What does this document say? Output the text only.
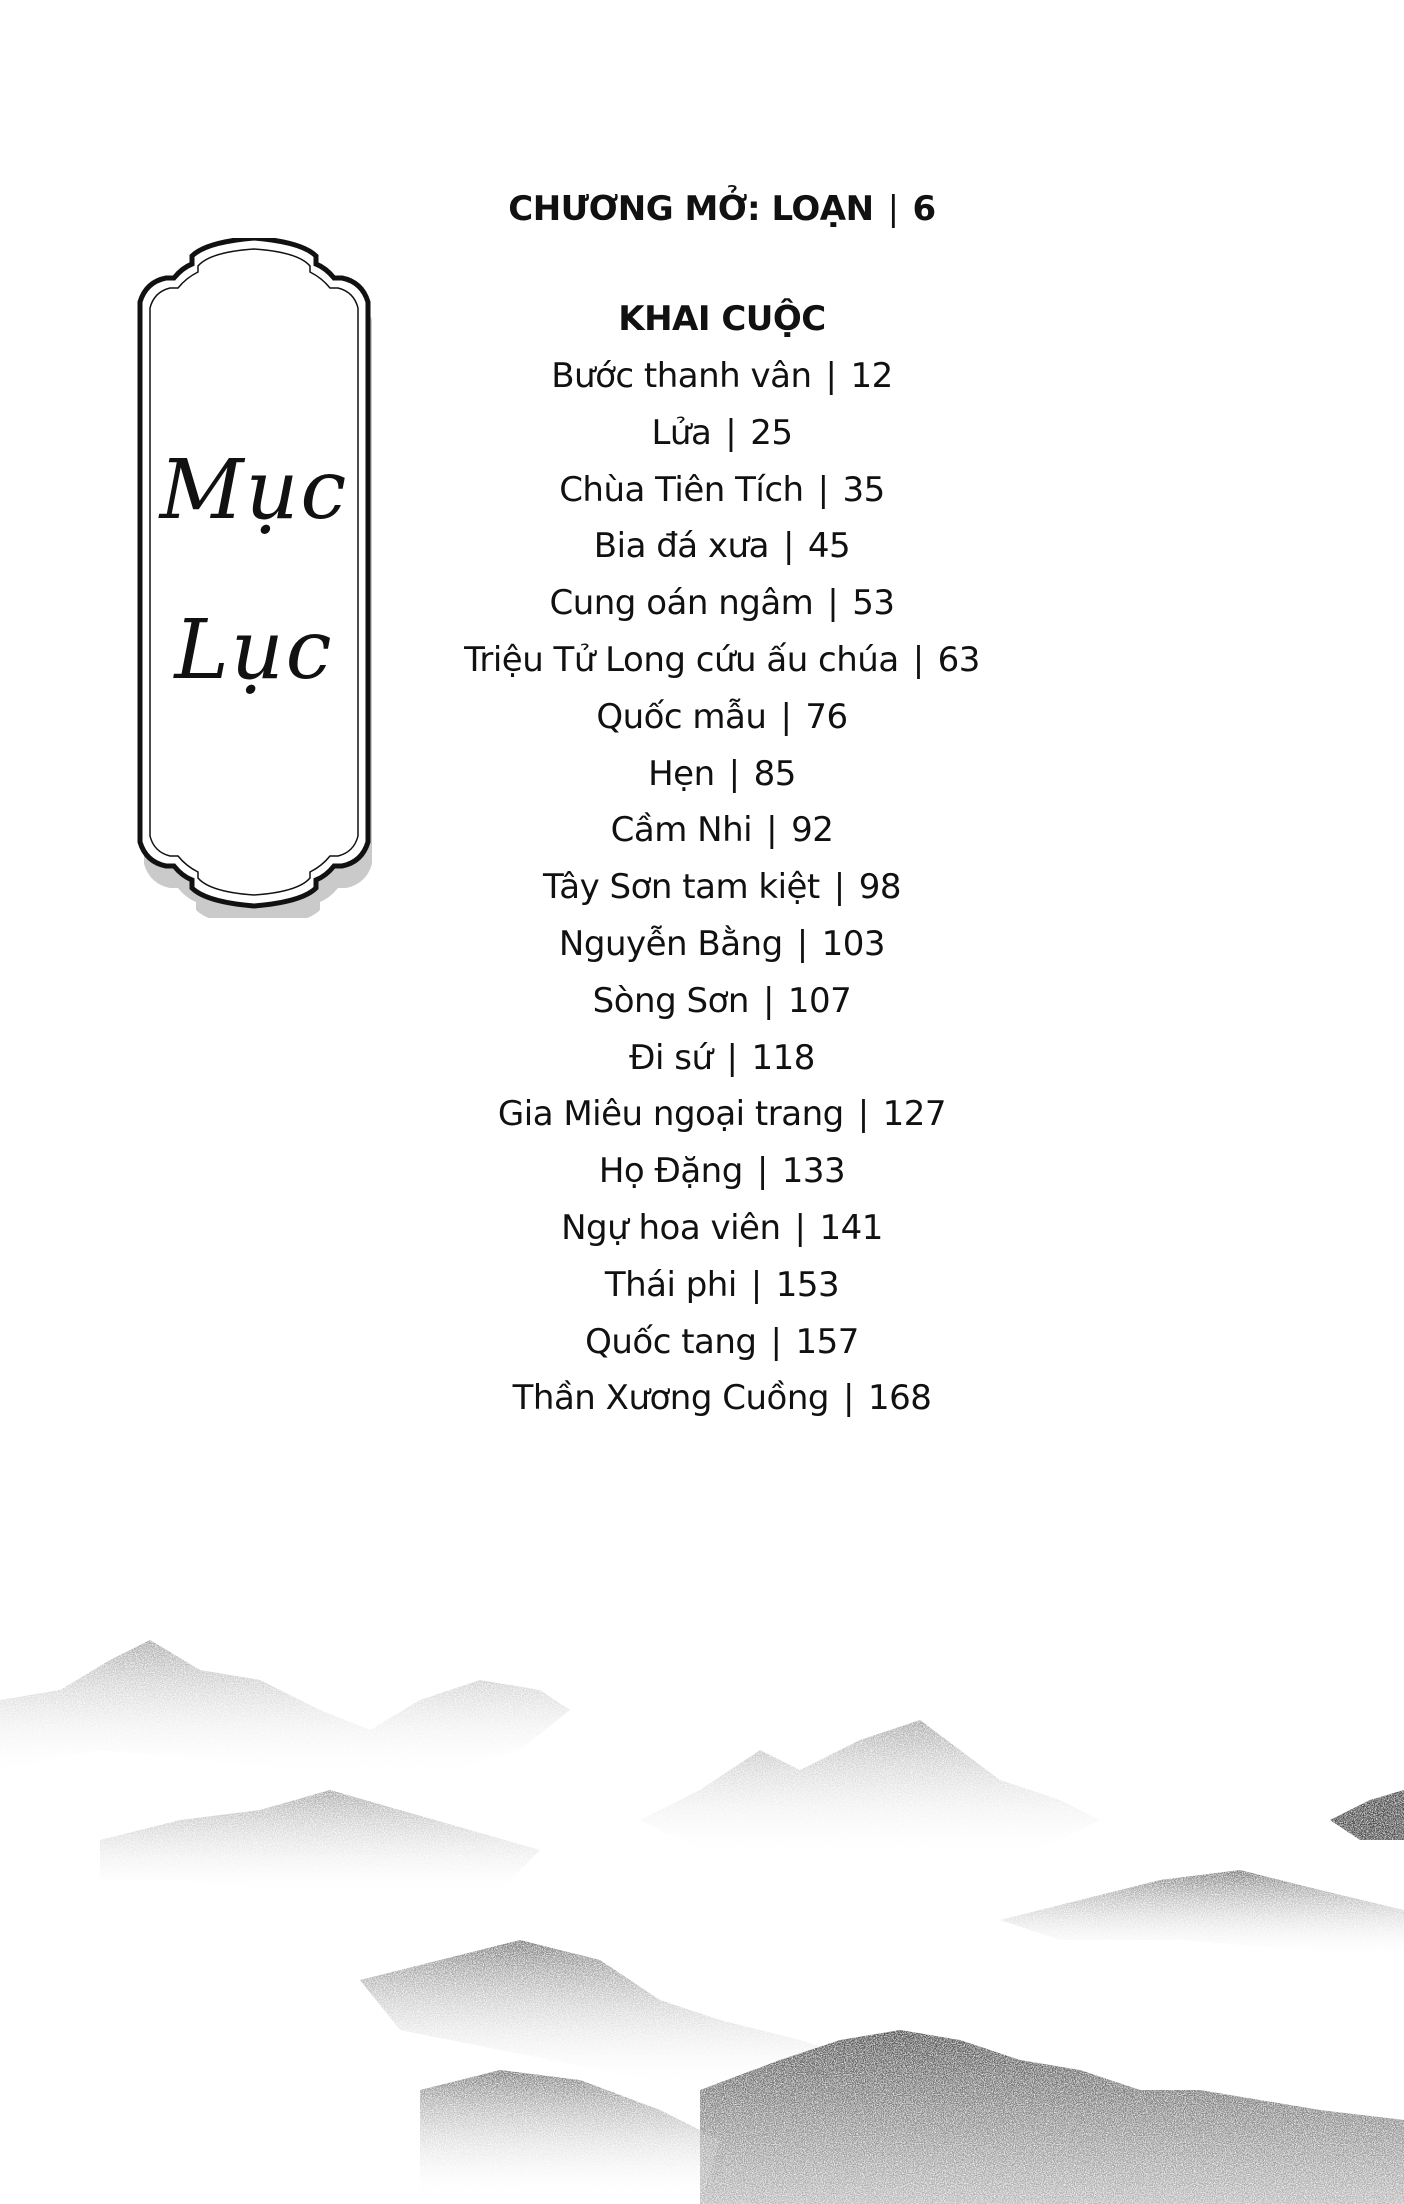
Mục
Lục

CHƯƠNG MỞ: LOẠN | 6

KHAI CUỘC

Bước thanh vân | 12
Lửa | 25
Chùa Tiên Tích | 35
Bia đá xưa | 45
Cung oán ngâm | 53
Triệu Tử Long cứu ấu chúa | 63
Quốc mẫu | 76
Hẹn | 85
Cầm Nhi | 92
Tây Sơn tam kiệt | 98
Nguyễn Bằng | 103
Sòng Sơn | 107
Đi sứ | 118
Gia Miêu ngoại trang | 127
Họ Đặng | 133
Ngự hoa viên | 141
Thái phi | 153
Quốc tang | 157
Thần Xương Cuồng | 168
